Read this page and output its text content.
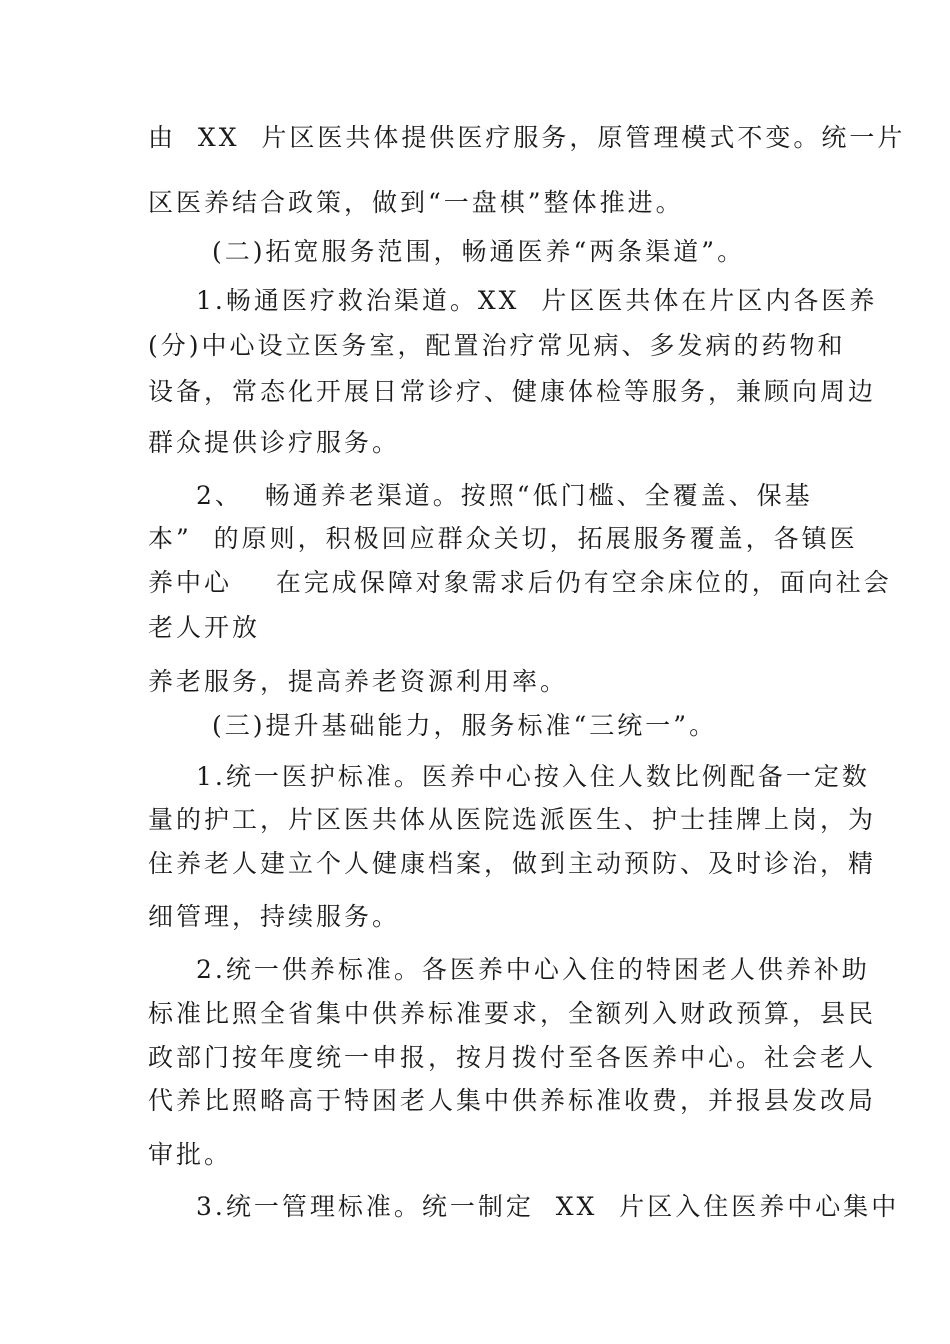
由  XX  片区医共体提供医疗服务，原管理模式不变。统一片
区医养结合政策，做到“一盘棋”整体推进。
(二)拓宽服务范围，畅通医养“两条渠道”。
1.畅通医疗救治渠道。XX  片区医共体在片区内各医养
(分)中心设立医务室，配置治疗常见病、多发病的药物和
设备，常态化开展日常诊疗、健康体检等服务，兼顾向周边
群众提供诊疗服务。
2、  畅通养老渠道。按照“低门槛、全覆盖、保基
本”  的原则，积极回应群众关切，拓展服务覆盖，各镇医
养中心    在完成保障对象需求后仍有空余床位的，面向社会
老人开放
养老服务，提高养老资源利用率。
(三)提升基础能力，服务标准“三统一”。
1.统一医护标准。医养中心按入住人数比例配备一定数
量的护工，片区医共体从医院选派医生、护士挂牌上岗，为
住养老人建立个人健康档案，做到主动预防、及时诊治，精
细管理，持续服务。
2.统一供养标准。各医养中心入住的特困老人供养补助
标准比照全省集中供养标准要求，全额列入财政预算，县民
政部门按年度统一申报，按月拨付至各医养中心。社会老人
代养比照略高于特困老人集中供养标准收费，并报县发改局
审批。
3.统一管理标准。统一制定  XX  片区入住医养中心集中
